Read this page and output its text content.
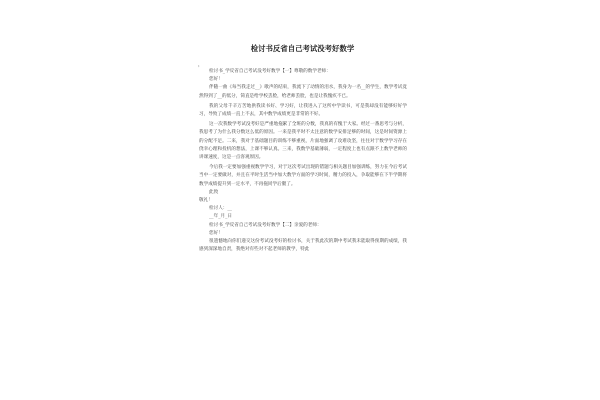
检讨书反省自己考试没考好数学
，

检讨书_学反省自己考试没考好数学【一】尊敬的数学老师：

您好！

伴随一曲《每当我走过__》歌声的结束，我流下了动情的泪水，我身为一名__的学生，数学考试竟然得到了__的低分，简直是给学校丢脸，给老师丢脸，也是让我愧疚不已。

我的父母千辛万苦地供我读书好、学习好，让我进入了这所中学读书，可是我却没有能够好好学习，导致了成绩一直上不去，其中数学成绩更是非常的不好。

这一次我数学考试没考好是严重地拖累了全班的分数，我真的有愧于大家。经过一番思考与分析，我思考了为什么我分数这么低的原因。一来是我平时不太注意的数学安排足够的时间，这是时间资源上的分配不足。二来，我对于基础题目的训练不够重视，片面地强调了攻难攻坚，往往对于数学学习存在侥幸心理和投机的想法，上课不够认真。三来，我数学基础薄弱，一定程度上也有点跟不上数学老师的讲课速度，这是一点客观原因。

今后我一定要加强重视数学学习，对于这次考试出现的错题与相关题目加强训练，努力在今后考试当中一定要做对，并且在平时生活当中加大数学方面的学习时间，精力的投入，争取能够在下半学期将数学成绩提升到一定水平，不再拖同学后腿了。

此致

敬礼！

检讨人：__

__年_月_日

检讨书_学反省自己考试没考好数学【二】亲爱的老师：

您好！

很遗憾地向你们递交这份考试没考好的检讨书，关于我此次的期中考试我未能取得预期的成绩，我感到深深地自责，我绝对有些对不起老师的教学，特此
